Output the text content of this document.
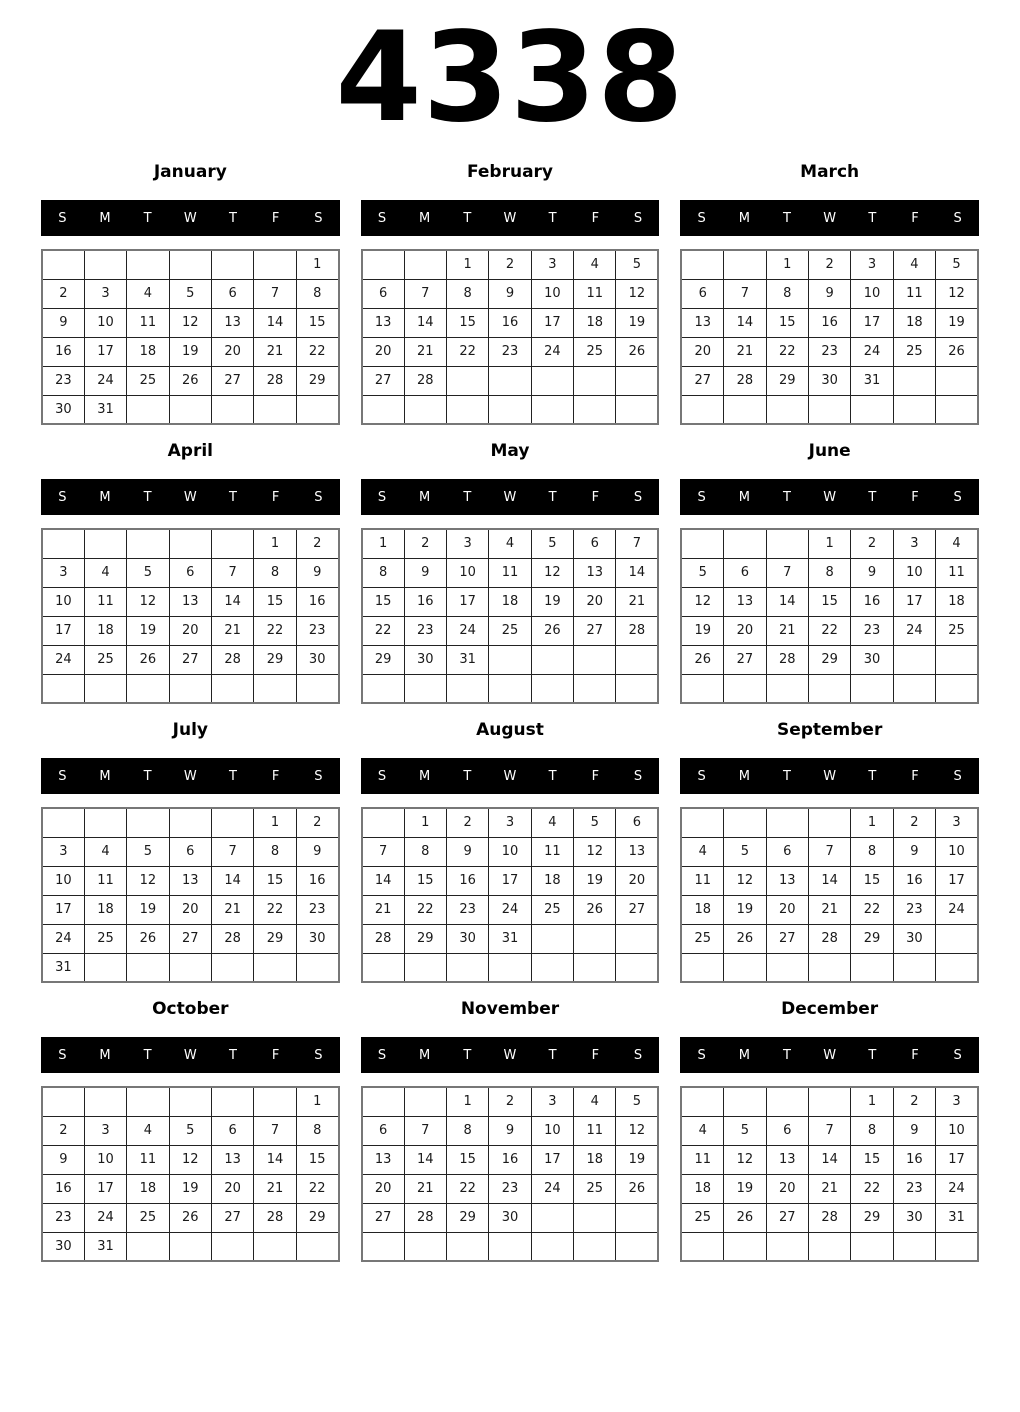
4338
January
S	M	T	W	T	F	S
						1
2	3	4	5	6	7	8
9	10	11	12	13	14	15
16	17	18	19	20	21	22
23	24	25	26	27	28	29
30	31					
February
S	M	T	W	T	F	S
		1	2	3	4	5
6	7	8	9	10	11	12
13	14	15	16	17	18	19
20	21	22	23	24	25	26
27	28					

March
S	M	T	W	T	F	S
		1	2	3	4	5
6	7	8	9	10	11	12
13	14	15	16	17	18	19
20	21	22	23	24	25	26
27	28	29	30	31		

April
S	M	T	W	T	F	S
					1	2
3	4	5	6	7	8	9
10	11	12	13	14	15	16
17	18	19	20	21	22	23
24	25	26	27	28	29	30

May
S	M	T	W	T	F	S
1	2	3	4	5	6	7
8	9	10	11	12	13	14
15	16	17	18	19	20	21
22	23	24	25	26	27	28
29	30	31				

June
S	M	T	W	T	F	S
			1	2	3	4
5	6	7	8	9	10	11
12	13	14	15	16	17	18
19	20	21	22	23	24	25
26	27	28	29	30		

July
S	M	T	W	T	F	S
					1	2
3	4	5	6	7	8	9
10	11	12	13	14	15	16
17	18	19	20	21	22	23
24	25	26	27	28	29	30
31						
August
S	M	T	W	T	F	S
	1	2	3	4	5	6
7	8	9	10	11	12	13
14	15	16	17	18	19	20
21	22	23	24	25	26	27
28	29	30	31			

September
S	M	T	W	T	F	S
				1	2	3
4	5	6	7	8	9	10
11	12	13	14	15	16	17
18	19	20	21	22	23	24
25	26	27	28	29	30	

October
S	M	T	W	T	F	S
						1
2	3	4	5	6	7	8
9	10	11	12	13	14	15
16	17	18	19	20	21	22
23	24	25	26	27	28	29
30	31					
November
S	M	T	W	T	F	S
		1	2	3	4	5
6	7	8	9	10	11	12
13	14	15	16	17	18	19
20	21	22	23	24	25	26
27	28	29	30			

December
S	M	T	W	T	F	S
				1	2	3
4	5	6	7	8	9	10
11	12	13	14	15	16	17
18	19	20	21	22	23	24
25	26	27	28	29	30	31
